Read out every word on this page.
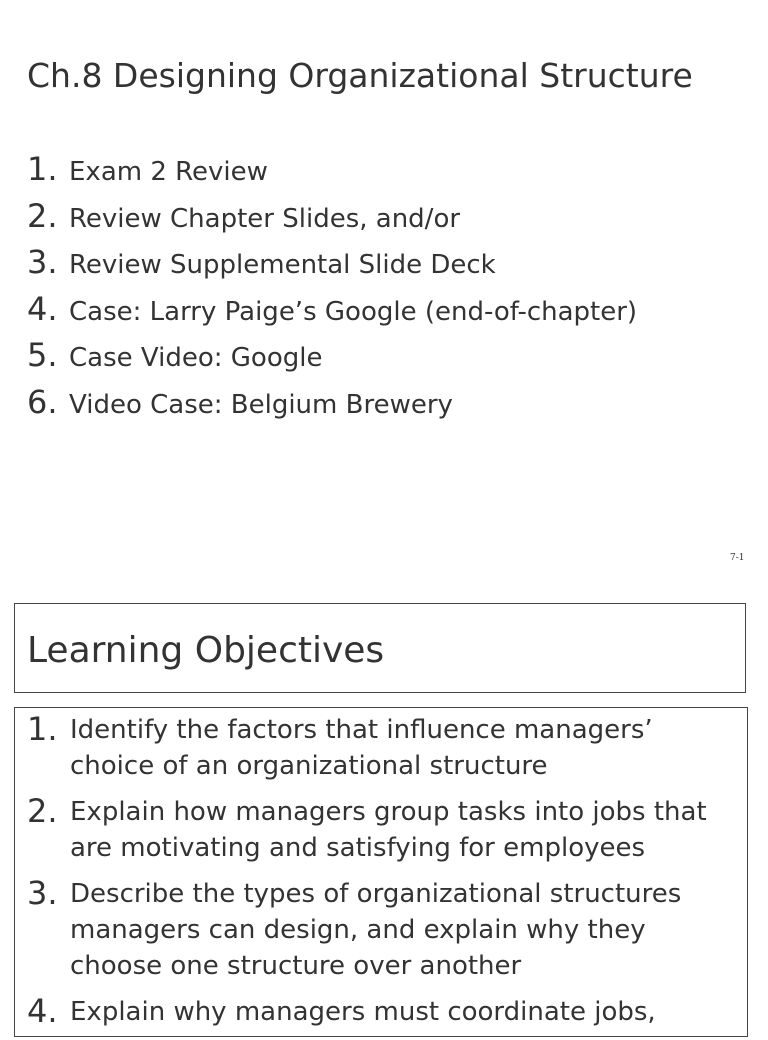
Ch.8 Designing Organizational Structure
1. Exam 2 Review
2. Review Chapter Slides, and/or
3. Review Supplemental Slide Deck
4. Case: Larry Paige’s Google (end-of-chapter)
5. Case Video: Google
6. Video Case: Belgium Brewery
7-1
Learning Objectives
1. Identify the factors that influence managers’ choice of an organizational structure
2. Explain how managers group tasks into jobs that are motivating and satisfying for employees
3. Describe the types of organizational structures managers can design, and explain why they choose one structure over another
4. Explain why managers must coordinate jobs,
